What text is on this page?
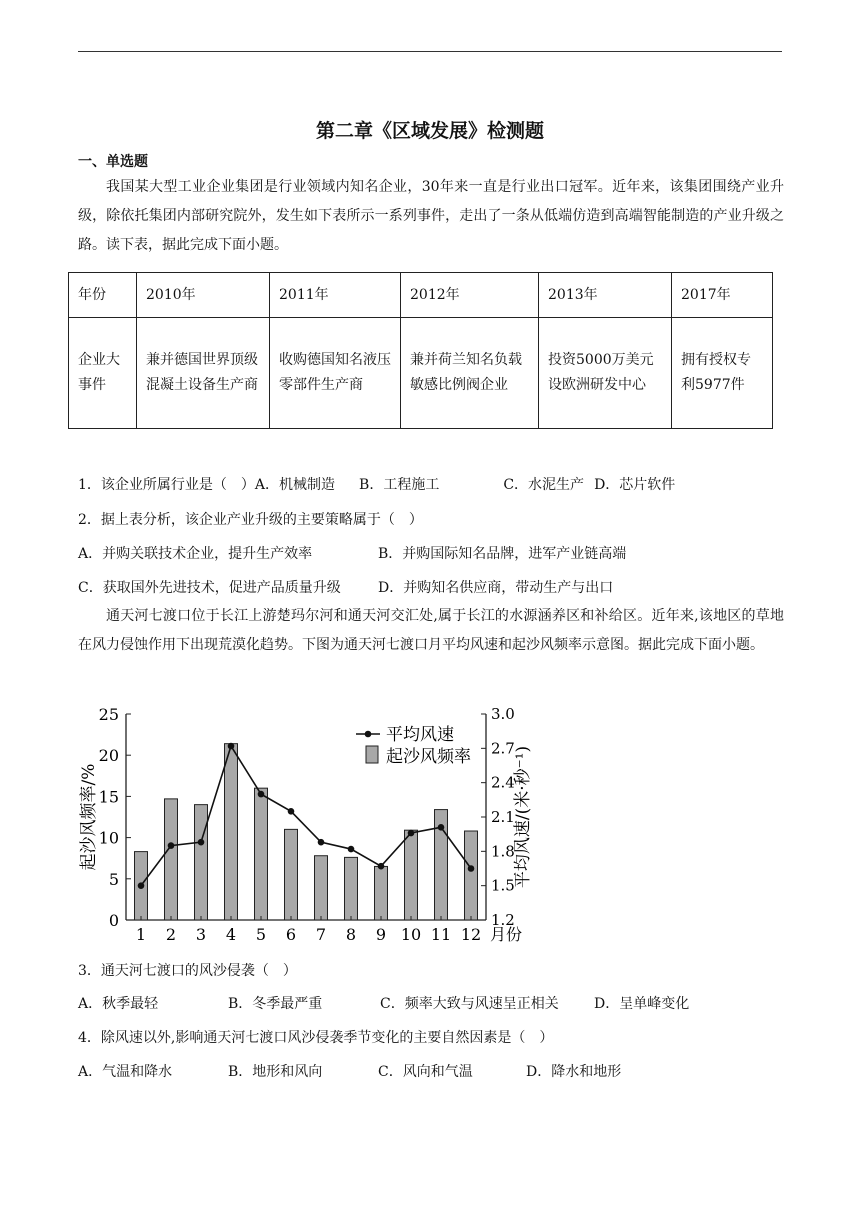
第二章《区域发展》检测题
一、单选题
我国某大型工业企业集团是行业领域内知名企业，30年来一直是行业出口冠军。近年来，该集团围绕产业升级，除依托集团内部研究院外，发生如下表所示一系列事件，走出了一条从低端仿造到高端智能制造的产业升级之路。读下表，据此完成下面小题。
年份	2010年	2011年	2012年	2013年	2017年
企业大事件	兼并德国世界顶级混凝土设备生产商	收购德国知名液压零部件生产商	兼并荷兰知名负载敏感比例阀企业	投资5000万美元设欧洲研发中心	拥有授权专利5977件
1．该企业所属行业是（　）A．机械制造 B．工程施工	C．水泥生产 D．芯片软件
2．据上表分析，该企业产业升级的主要策略属于（　）
A．并购关联技术企业，提升生产效率	B．并购国际知名品牌，进军产业链高端
C．获取国外先进技术，促进产品质量升级	D．并购知名供应商，带动生产与出口
通天河七渡口位于长江上游楚玛尔河和通天河交汇处,属于长江的水源涵养区和补给区。近年来,该地区的草地在风力侵蚀作用下出现荒漠化趋势。下图为通天河七渡口月平均风速和起沙风频率示意图。据此完成下面小题。
0
5
10
15
20
25
1.2
1.5
1.8
2.1
2.4
2.7
3.0
1 2 3 4 5 6 7 8 9 10 11 12 月份
平均风速
起沙风频率
起沙风频率/%	平均风速/(米·秒⁻¹)
3．通天河七渡口的风沙侵袭（　）
A．秋季最轻	B．冬季最严重	C．频率大致与风速呈正相关	D．呈单峰变化
4．除风速以外,影响通天河七渡口风沙侵袭季节变化的主要自然因素是（　）
A．气温和降水	B．地形和风向	C．风向和气温	D．降水和地形
